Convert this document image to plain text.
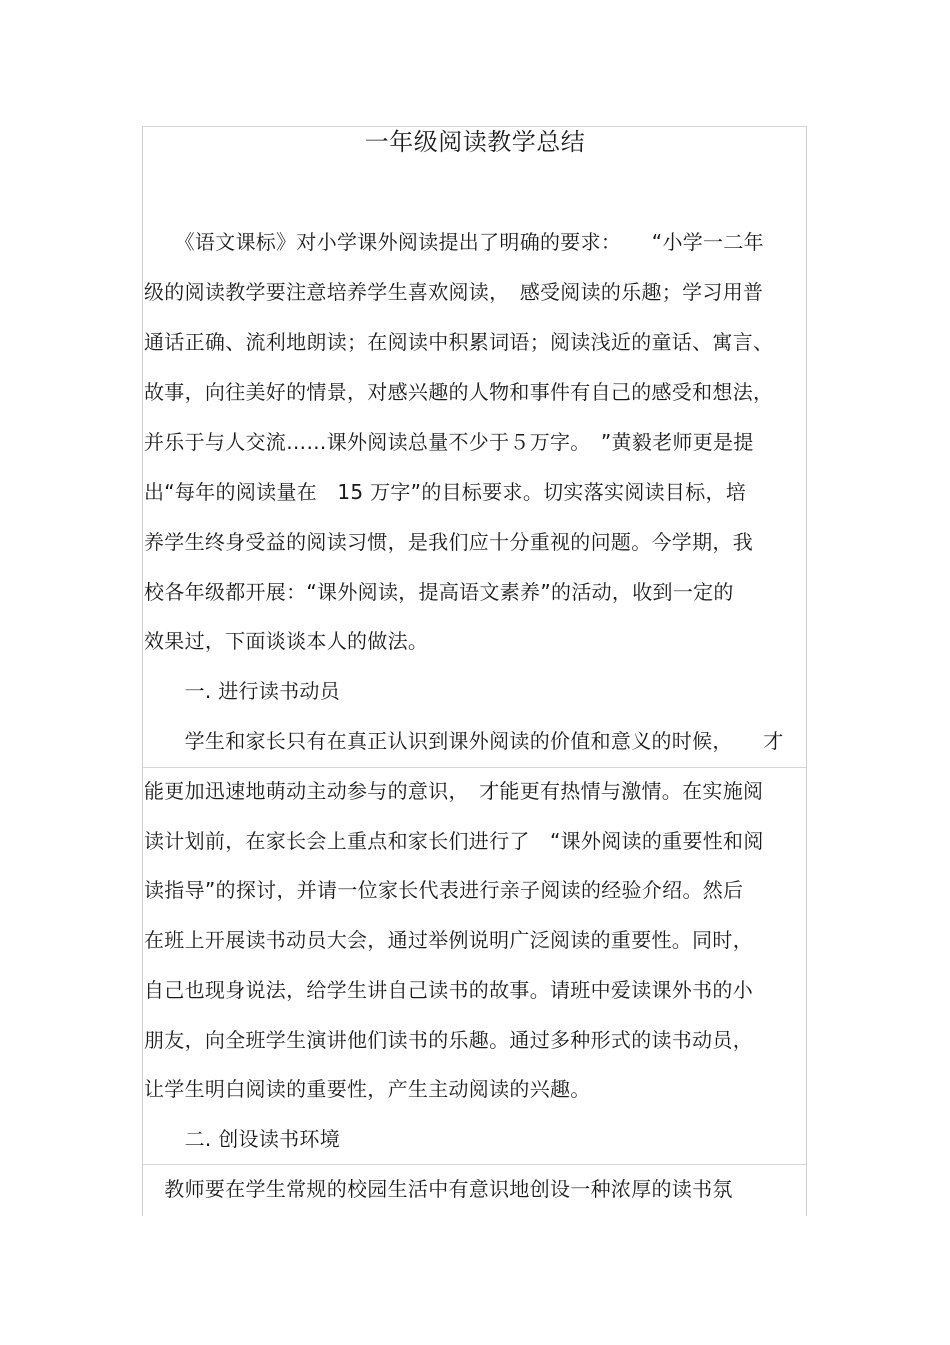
一年级阅读教学总结
　　《语文课标》对小学课外阅读提出了明确的要求：　　“小学一二年
级的阅读教学要注意培养学生喜欢阅读，　感受阅读的乐趣；学习用普
通话正确、流利地朗读；在阅读中积累词语；阅读浅近的童话、寓言、
故事，向往美好的情景，对感兴趣的人物和事件有自己的感受和想法，
并乐于与人交流……课外阅读总量不少于５万字。　”黄毅老师更是提
出“每年的阅读量在　15 万字”的目标要求。切实落实阅读目标，培
养学生终身受益的阅读习惯，是我们应十分重视的问题。今学期，我
校各年级都开展：“课外阅读，提高语文素养”的活动，收到一定的
效果过，下面谈谈本人的做法。
　　一. 进行读书动员
　　学生和家长只有在真正认识到课外阅读的价值和意义的时候，　　才
能更加迅速地萌动主动参与的意识，　才能更有热情与激情。在实施阅
读计划前，在家长会上重点和家长们进行了　“课外阅读的重要性和阅
读指导”的探讨，并请一位家长代表进行亲子阅读的经验介绍。然后
在班上开展读书动员大会，通过举例说明广泛阅读的重要性。同时，
自己也现身说法，给学生讲自己读书的故事。请班中爱读课外书的小
朋友，向全班学生演讲他们读书的乐趣。通过多种形式的读书动员，
让学生明白阅读的重要性，产生主动阅读的兴趣。
　　二. 创设读书环境
　教师要在学生常规的校园生活中有意识地创设一种浓厚的读书氛
